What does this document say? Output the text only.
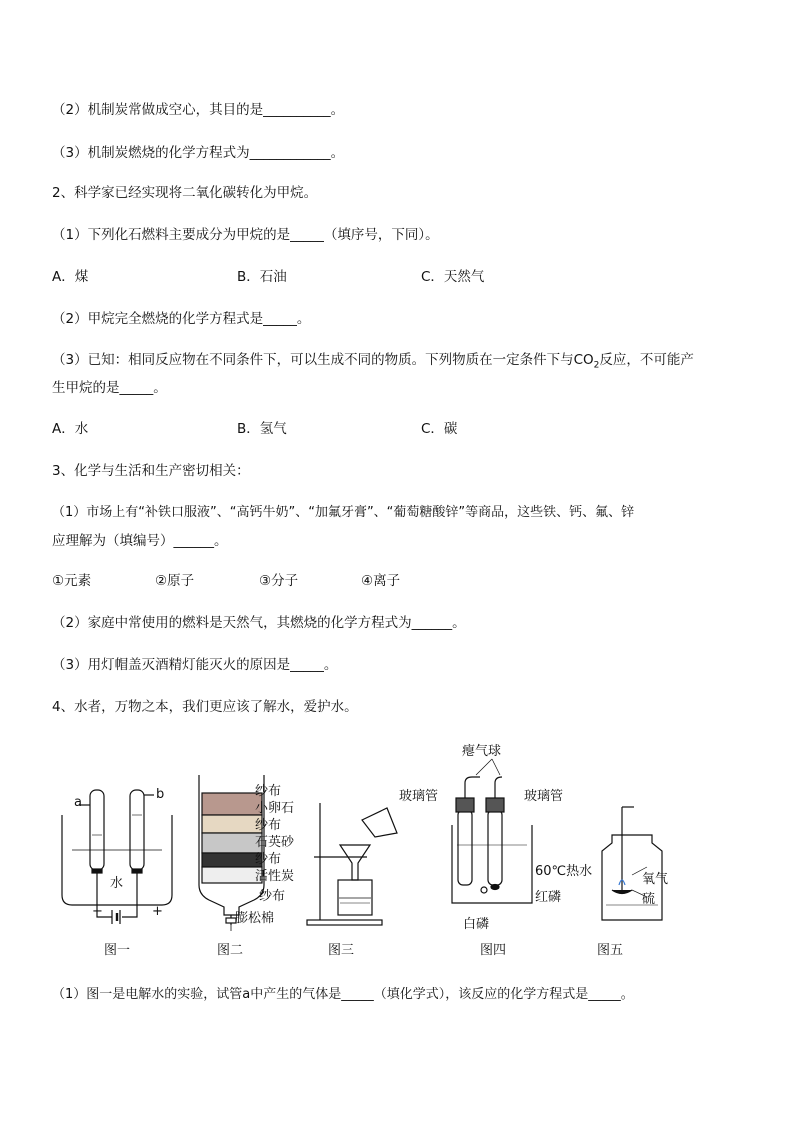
（2）机制炭常做成空心，其目的是__________。
（3）机制炭燃烧的化学方程式为____________。
2、科学家已经实现将二氧化碳转化为甲烷。
（1）下列化石燃料主要成分为甲烷的是_____（填序号，下同）。
A．煤	B．石油	C．天然气
（2）甲烷完全燃烧的化学方程式是_____。
（3）已知：相同反应物在不同条件下，可以生成不同的物质。下列物质在一定条件下与$CO_2$反应，不可能产
生甲烷的是_____。
A．水	B．氢气	C．碳
3、化学与生活和生产密切相关：
（1）市场上有“补铁口服液”、“高钙牛奶”、“加氟牙膏”、“葡萄糖酸锌”等商品，这些铁、钙、氟、锌
应理解为（填编号）______。
①元素	②原子	③分子	④离子
（2）家庭中常使用的燃料是天然气，其燃烧的化学方程式为______。
（3）用灯帽盖灭酒精灯能灭火的原因是_____。
4、水者，万物之本，我们更应该了解水，爱护水。
a
b
水
−	+
图一
纱布
小卵石
纱布
石英砂
纱布
活性炭
纱布
膨松棉
图二	图三
瘪气球
玻璃管	玻璃管
60℃热水
红磷
白磷
图四
氧气
硫
图五
（1）图一是电解水的实验，试管a中产生的气体是_____（填化学式），该反应的化学方程式是_____。
